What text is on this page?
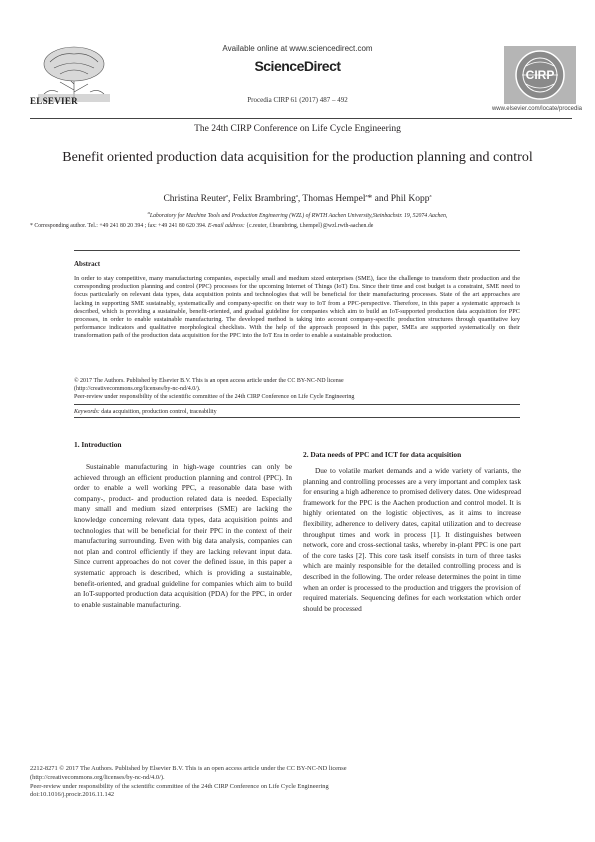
ELSEVIER
Available online at www.sciencedirect.com
ScienceDirect
Procedia CIRP 61 (2017) 487 – 492
CIRP
www.elsevier.com/locate/procedia
The 24th CIRP Conference on Life Cycle Engineering
Benefit oriented production data acquisition for the production planning and control
Christina Reuter$^a$, Felix Brambring$^a$, Thomas Hempel$^a$* and Phil Kopp$^a$
$^a$Laboratory for Machine Tools and Production Engineering (WZL) of RWTH Aachen University,Steinbachstr. 19, 52074 Aachen,
* Corresponding author. Tel.: +49 241 80 20 394 ; fax: +49 241 80 620 394. E-mail address: {c.reuter, f.brambring, t.hempel}@wzl.rwth-aachen.de
Abstract
In order to stay competitive, many manufacturing companies, especially small and medium sized enterprises (SME), face the challenge to transform their production and the corresponding production planning and control (PPC) processes for the upcoming Internet of Things (IoT) Era. Since their time and cost budget is a constraint, SME need to focus particularly on relevant data types, data acquisition points and technologies that will be beneficial for their manufacturing processes. State of the art approaches are lacking in supporting SME sustainably, systematically and company-specific on their way to IoT from a PPC-perspective. Therefore, in this paper a systematic approach is described, which is providing a sustainable, benefit-oriented, and gradual guideline for companies which aim to build an IoT-supported production data acquisition for PPC processes, in order to enable sustainable manufacturing. The developed method is taking into account company-specific production structures through quantitative key performance indicators and qualitative morphological checklists. With the help of the approach proposed in this paper, SMEs are supported systematically on their transformation path of the production data acquisition for the PPC into the IoT Era in order to enable a sustainable production.
© 2017 The Authors. Published by Elsevier B.V. This is an open access article under the CC BY-NC-ND license
(http://creativecommons.org/licenses/by-nc-nd/4.0/).
Peer-review under responsibility of the scientific committee of the 24th CIRP Conference on Life Cycle Engineering
Keywords: data acquisition, production control, traceability
1. Introduction
Sustainable manufacturing in high-wage countries can only be achieved through an efficient production planning and control (PPC). In order to enable a well working PPC, a reasonable data base with company-, product- and production related data is needed. Especially many small and medium sized enterprises (SME) are lacking the knowledge concerning relevant data types, data acquisition points and technologies that will be beneficial for their PPC in the context of their manufacturing surrounding. Even with big data analysis, companies can not plan and control efficiently if they are lacking relevant input data. Since current approaches do not cover the defined issue, in this paper a systematic approach is described, which is providing a sustainable, benefit-oriented, and gradual guideline for companies which aim to build an IoT-supported production data acquisition (PDA) for the PPC, in order to enable sustainable manufacturing.
2. Data needs of PPC and ICT for data acquisition
Due to volatile market demands and a wide variety of variants, the planning and controlling processes are a very important and complex task for ensuring a high adherence to promised delivery dates. One widespread framework for the PPC is the Aachen production and control model. It is highly orientated on the logistic objectives, as it aims to increase flexibility, adherence to delivery dates, capital utilization and to decrease throughput times and work in process [1]. It distinguishes between network, core and cross-sectional tasks, whereby in-plant PPC is one part of the core tasks [2]. This core task itself consists in turn of three tasks which are mainly responsible for the detailed controlling process and is described in the following. The order release determines the point in time when an order is processed to the production and triggers the provision of required materials. Sequencing defines for each workstation which order should be processed
2212-8271 © 2017 The Authors. Published by Elsevier B.V. This is an open access article under the CC BY-NC-ND license
(http://creativecommons.org/licenses/by-nc-nd/4.0/).
Peer-review under responsibility of the scientific committee of the 24th CIRP Conference on Life Cycle Engineering
doi:10.1016/j.procir.2016.11.142
